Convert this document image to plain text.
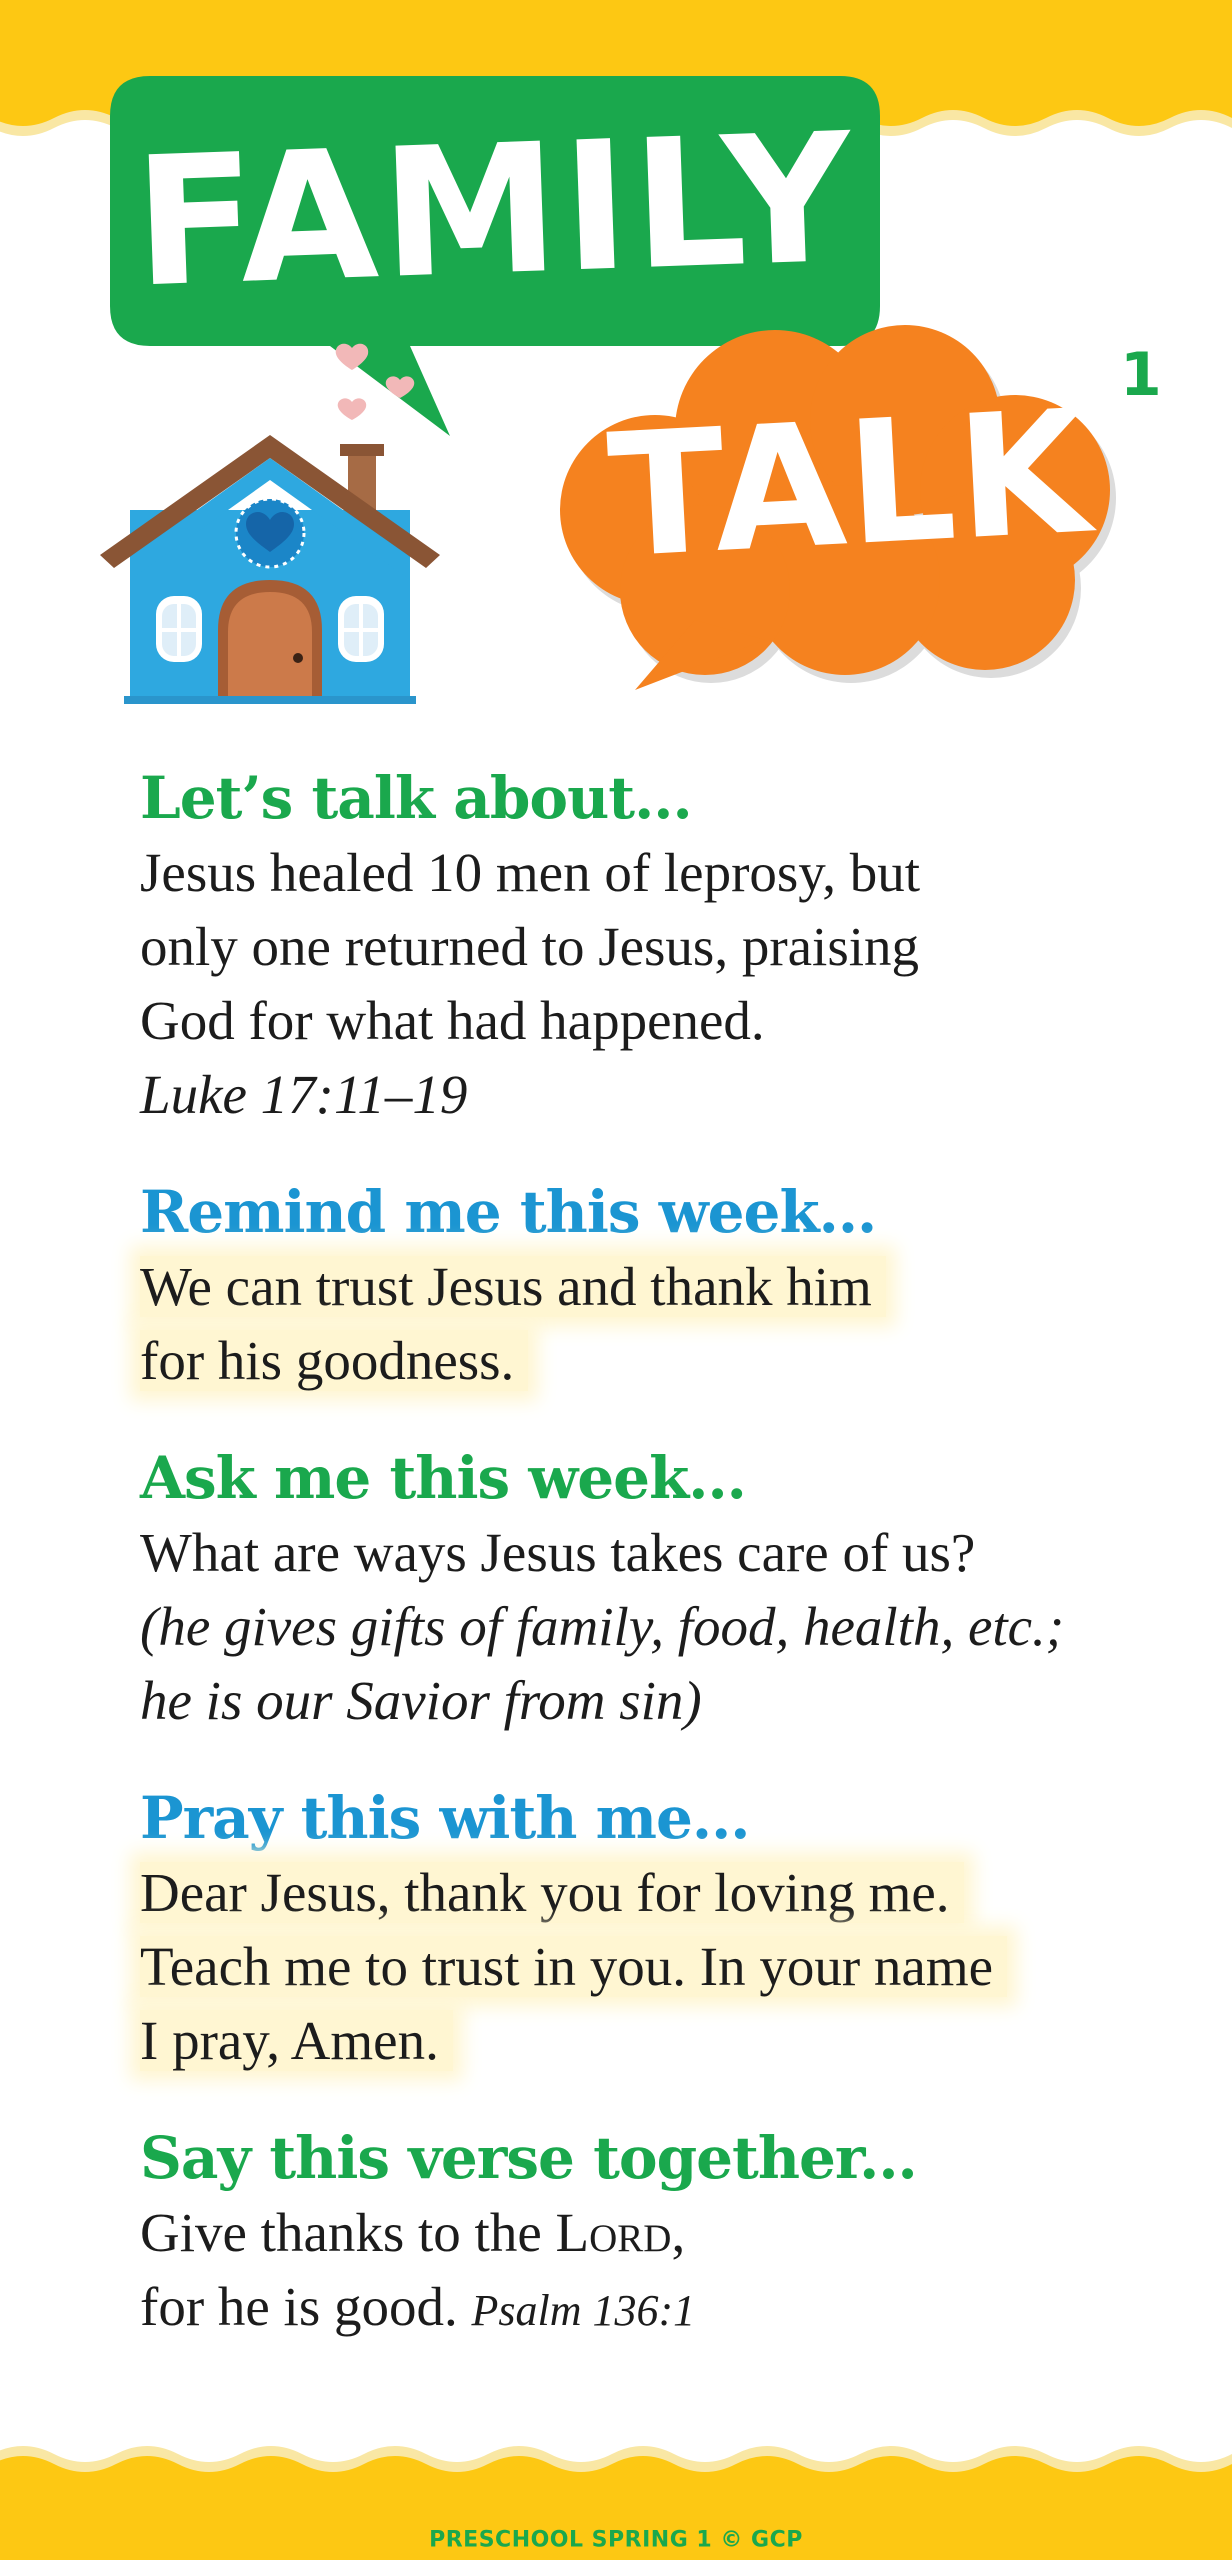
FAMILY
TALK 1
Let’s talk about...
Jesus healed 10 men of leprosy, but
only one returned to Jesus, praising
God for what had happened.
Luke 17:11–19
Remind me this week...
We can trust Jesus and thank him
for his goodness.
Ask me this week...
What are ways Jesus takes care of us?
(he gives gifts of family, food, health, etc.;
he is our Savior from sin)
Pray this with me...
Dear Jesus, thank you for loving me.
Teach me to trust in you. In your name
I pray, Amen.
Say this verse together...
Give thanks to the Lord,
for he is good. Psalm 136:1
PRESCHOOL SPRING 1 © GCP
